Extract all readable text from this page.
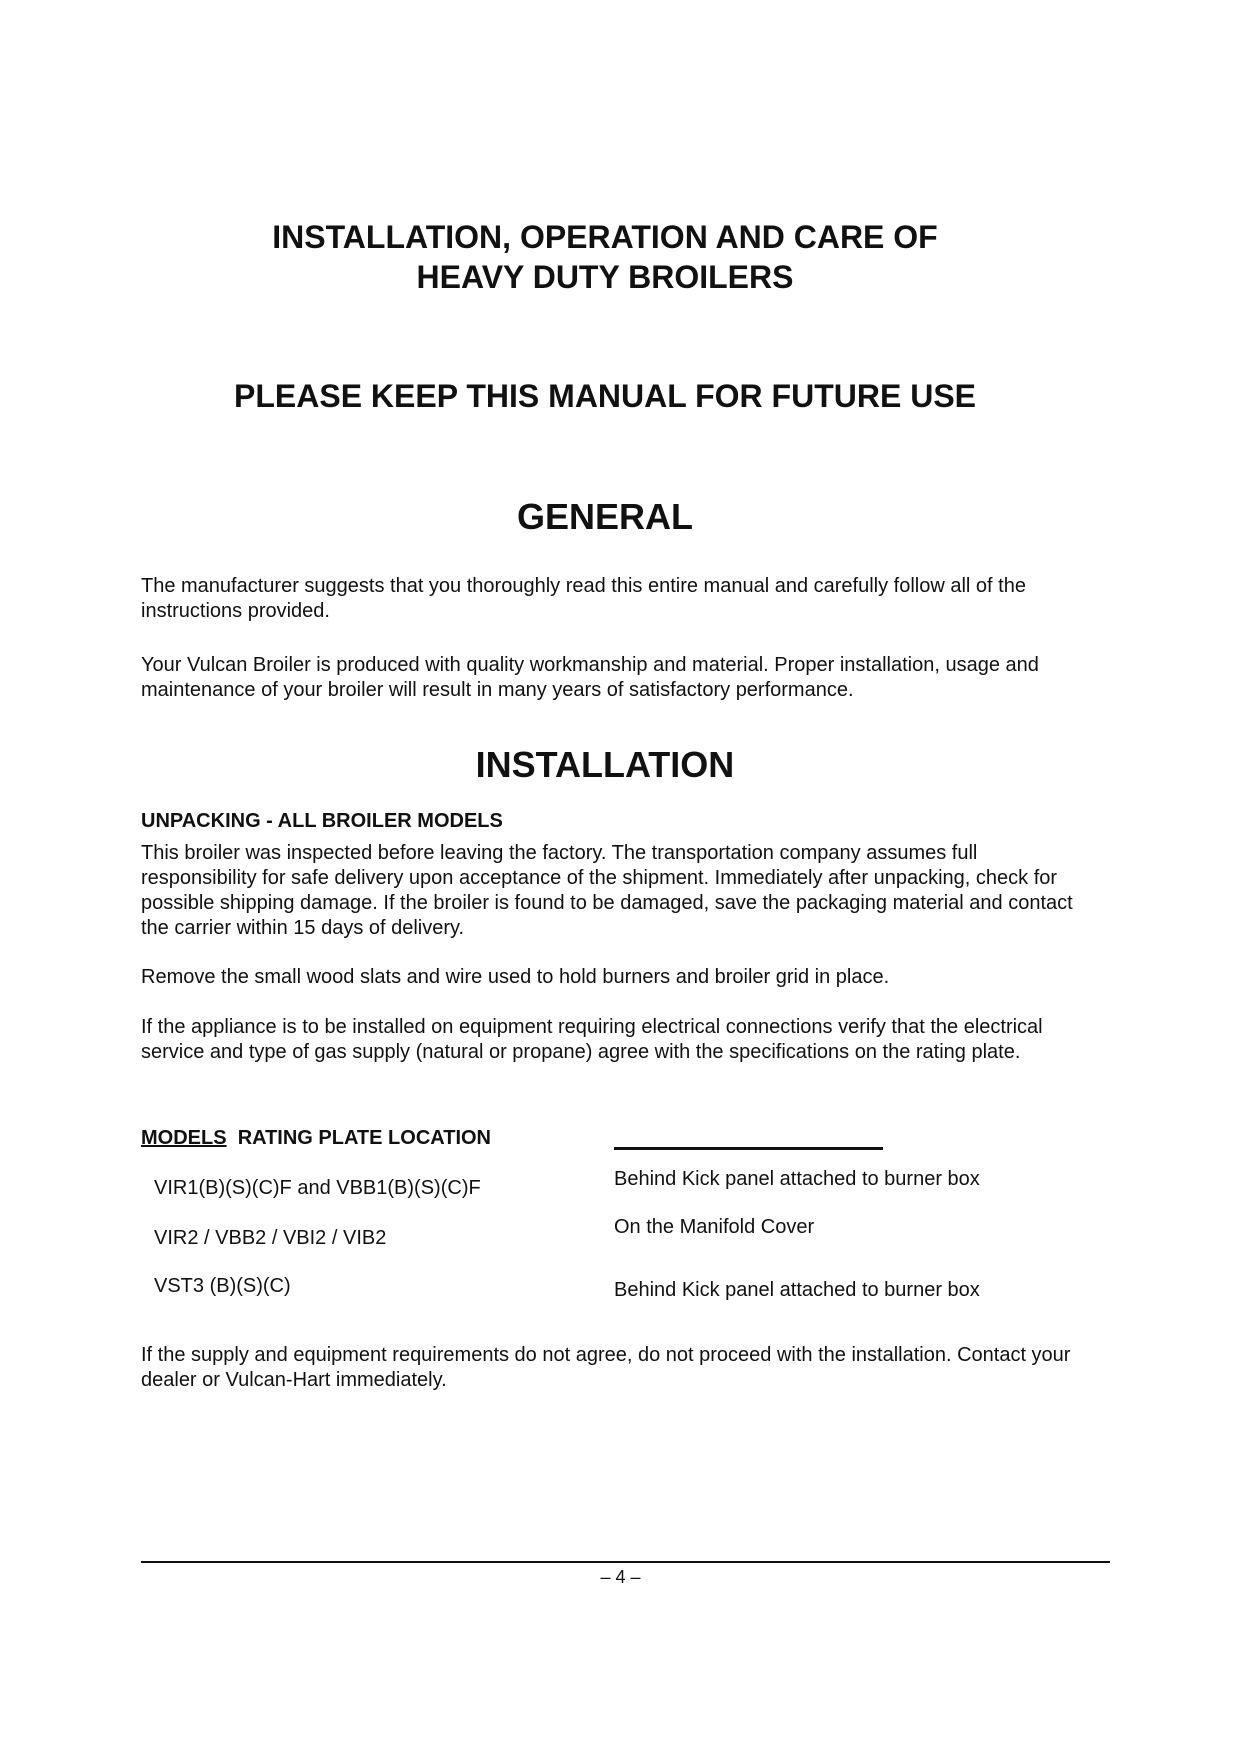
INSTALLATION, OPERATION AND CARE OF
HEAVY DUTY BROILERS
PLEASE KEEP THIS MANUAL FOR FUTURE USE
GENERAL
The manufacturer suggests that you thoroughly read this entire manual and carefully follow all of the instructions provided.
Your Vulcan Broiler is produced with quality workmanship and material. Proper installation, usage and maintenance of your broiler will result in many years of satisfactory performance.
INSTALLATION
UNPACKING - ALL BROILER MODELS
This broiler was inspected before leaving the factory. The transportation company assumes full responsibility for safe delivery upon acceptance of the shipment. Immediately after unpacking, check for possible shipping damage. If the broiler is found to be damaged, save the packaging material and contact the carrier within 15 days of delivery.
Remove the small wood slats and wire used to hold burners and broiler grid in place.
If the appliance is to be installed on equipment requiring electrical connections verify that the electrical service and type of gas supply (natural or propane) agree with the specifications on the rating plate.
MODELS RATING PLATE LOCATION
VIR1(B)(S)(C)F and VBB1(B)(S)(C)F	Behind Kick panel attached to burner box
VIR2 / VBB2 / VBI2 / VIB2	On the Manifold Cover
VST3 (B)(S)(C)	Behind Kick panel attached to burner box
If the supply and equipment requirements do not agree, do not proceed with the installation. Contact your dealer or Vulcan-Hart immediately.
– 4 –
